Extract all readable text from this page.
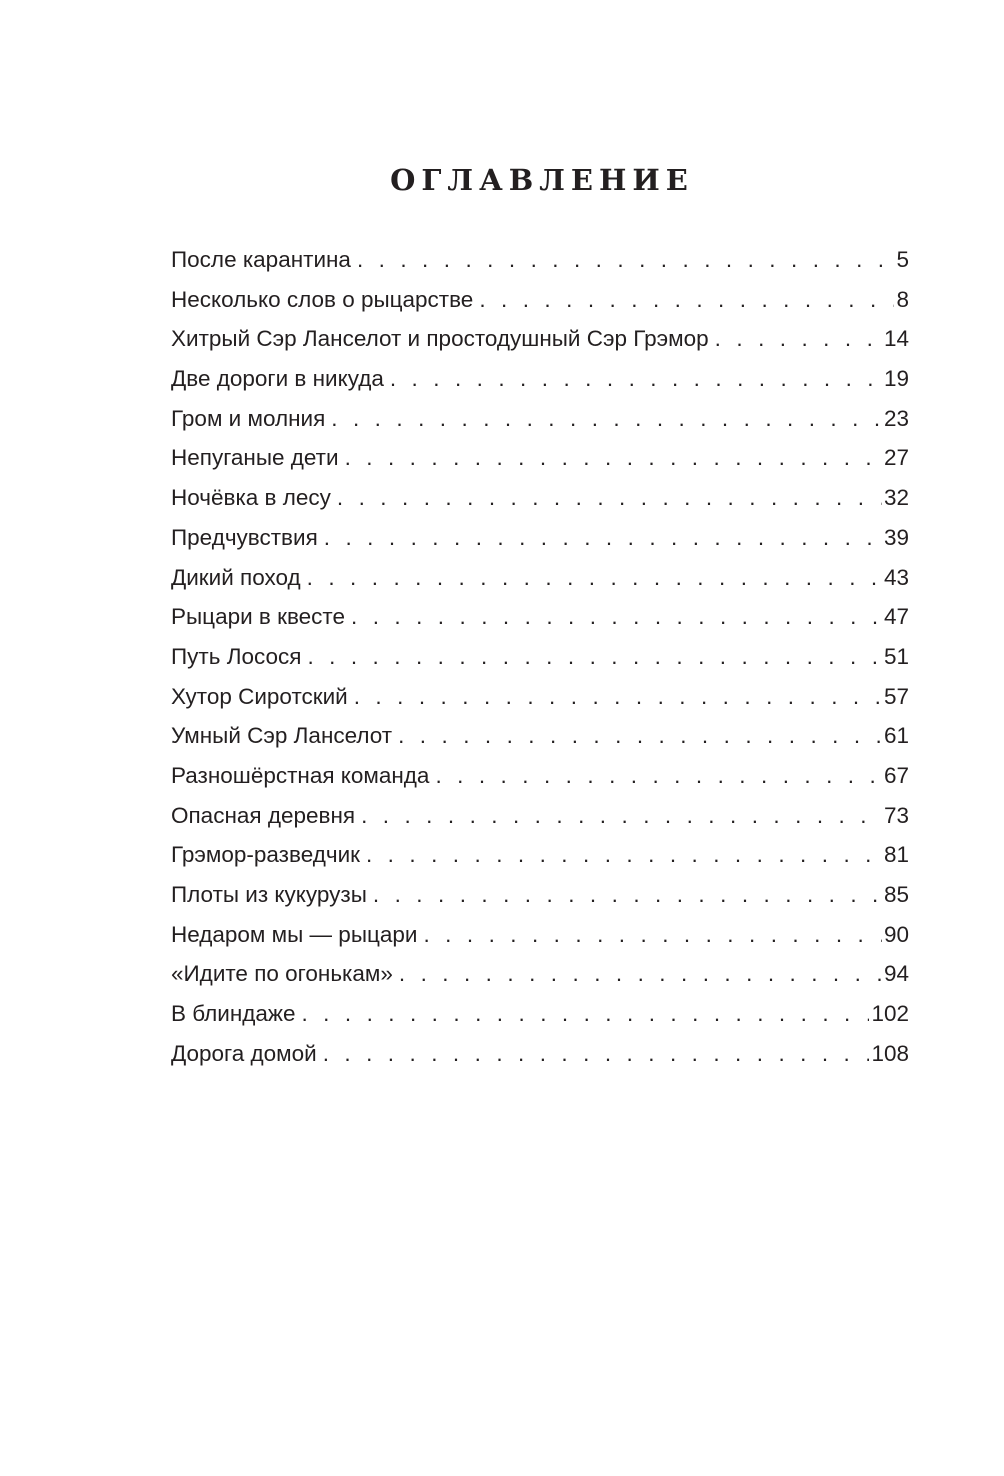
ОГЛАВЛЕНИЕ
После карантина . . .	5
Несколько слов о рыцарстве . . .	8
Хитрый Сэр Ланселот и простодушный Сэр Грэмор . . .	14
Две дороги в никуда . . .	19
Гром и молния . . .	23
Непуганые дети . . .	27
Ночёвка в лесу . . .	32
Предчувствия . . .	39
Дикий поход . . .	43
Рыцари в квесте . . .	47
Путь Лосося . . .	51
Хутор Сиротский . . .	57
Умный Сэр Ланселот . . .	61
Разношёрстная команда . . .	67
Опасная деревня . . .	73
Грэмор-разведчик . . .	81
Плоты из кукурузы . . .	85
Недаром мы — рыцари . . .	90
«Идите по огонькам» . . .	94
В блиндаже . . .	102
Дорога домой . . .	108
